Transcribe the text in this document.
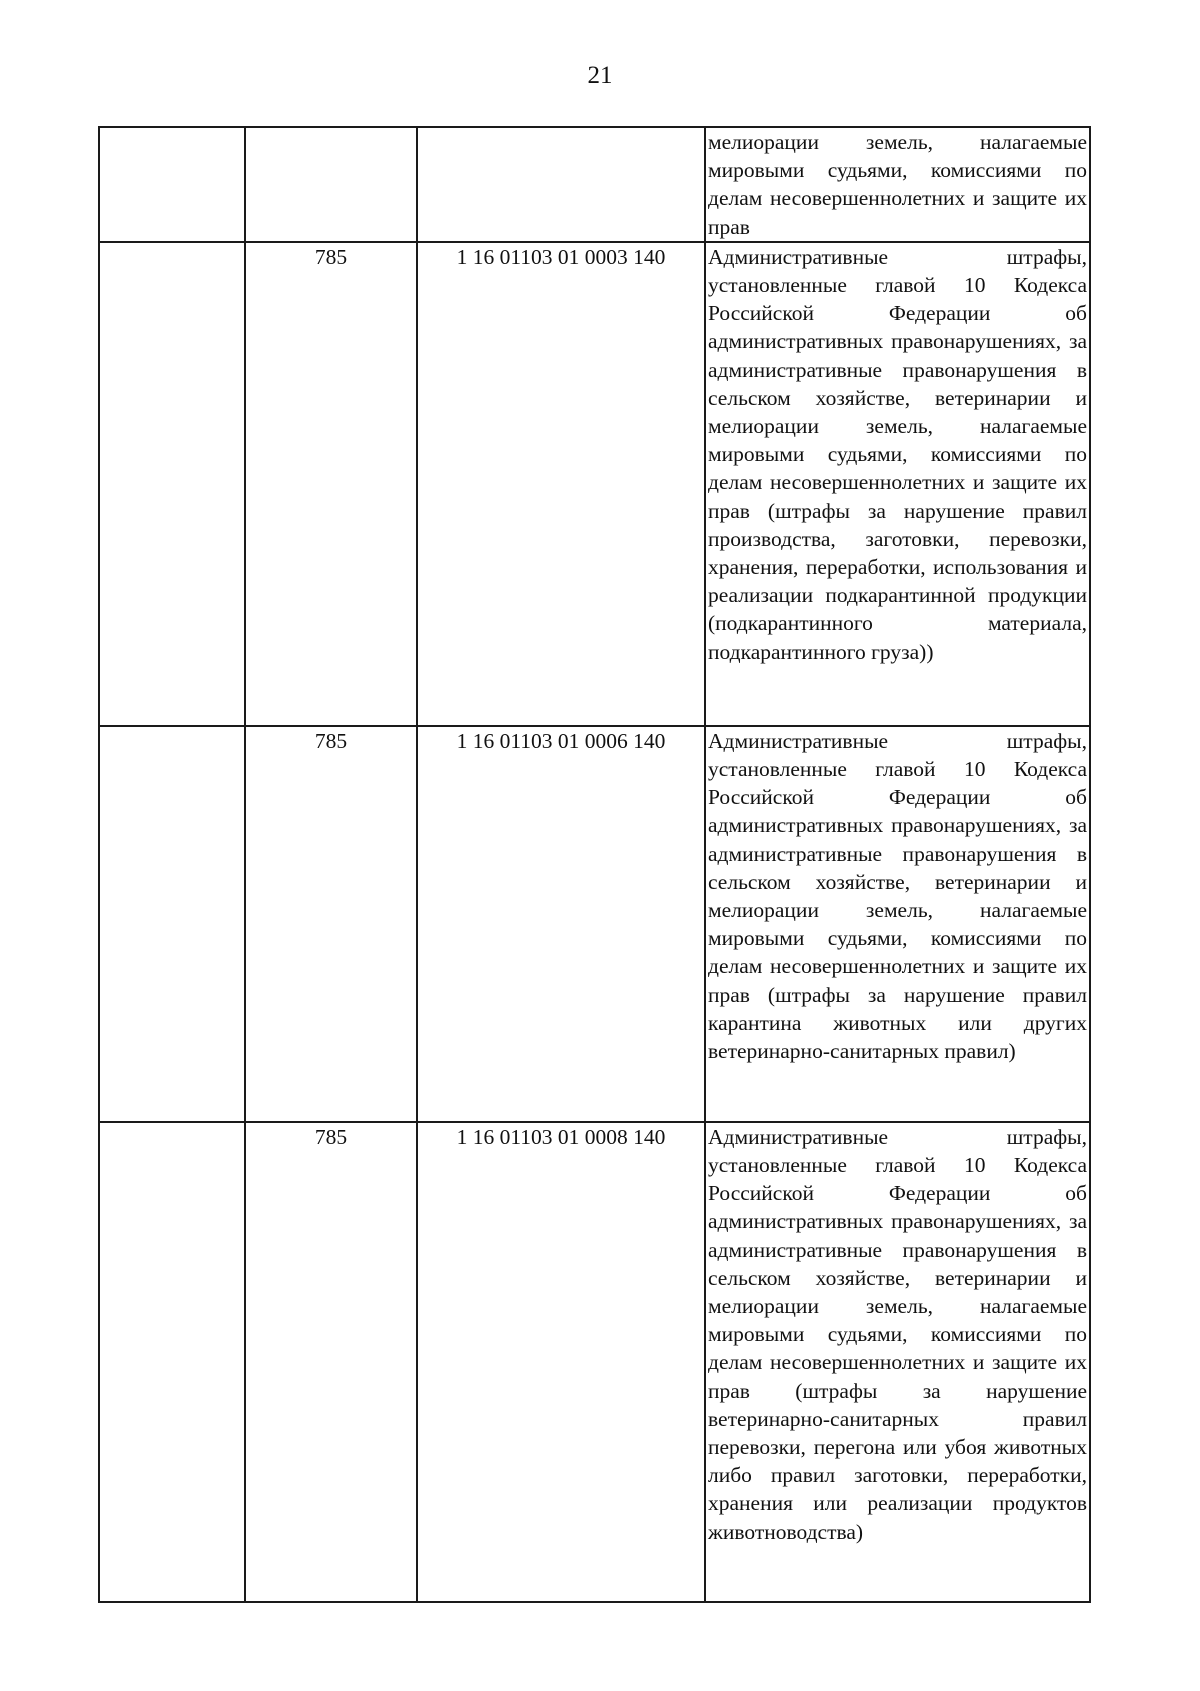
21

			мелиорации земель, налагаемые мировыми судьями, комиссиями по делам несовершеннолетних и защите их прав

	785	1 16 01103 01 0003 140	Административные штрафы, установленные главой 10 Кодекса Российской Федерации об административных правонарушениях, за административные правонарушения в сельском хозяйстве, ветеринарии и мелиорации земель, налагаемые мировыми судьями, комиссиями по делам несовершеннолетних и защите их прав (штрафы за нарушение правил производства, заготовки, перевозки, хранения, переработки, использования и реализации подкарантинной продукции (подкарантинного материала, подкарантинного груза))

	785	1 16 01103 01 0006 140	Административные штрафы, установленные главой 10 Кодекса Российской Федерации об административных правонарушениях, за административные правонарушения в сельском хозяйстве, ветеринарии и мелиорации земель, налагаемые мировыми судьями, комиссиями по делам несовершеннолетних и защите их прав (штрафы за нарушение правил карантина животных или других ветеринарно-санитарных правил)

	785	1 16 01103 01 0008 140	Административные штрафы, установленные главой 10 Кодекса Российской Федерации об административных правонарушениях, за административные правонарушения в сельском хозяйстве, ветеринарии и мелиорации земель, налагаемые мировыми судьями, комиссиями по делам несовершеннолетних и защите их прав (штрафы за нарушение ветеринарно-санитарных правил перевозки, перегона или убоя животных либо правил заготовки, переработки, хранения или реализации продуктов животноводства)
